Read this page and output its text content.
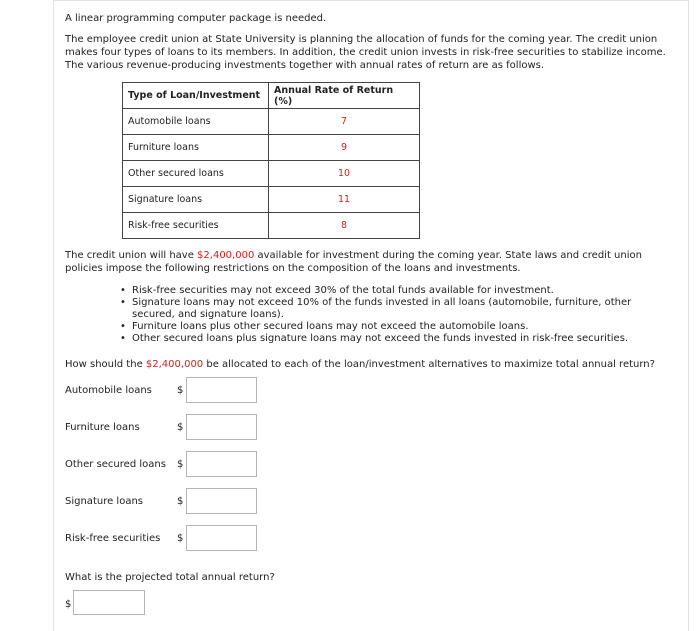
A linear programming computer package is needed.

The employee credit union at State University is planning the allocation of funds for the coming year. The credit union makes four types of loans to its members. In addition, the credit union invests in risk-free securities to stabilize income. The various revenue-producing investments together with annual rates of return are as follows.

Type of Loan/Investment	Annual Rate of Return (%)
Automobile loans	7
Furniture loans	9
Other secured loans	10
Signature loans	11
Risk-free securities	8

The credit union will have $2,400,000 available for investment during the coming year. State laws and credit union policies impose the following restrictions on the composition of the loans and investments.

• Risk-free securities may not exceed 30% of the total funds available for investment.
• Signature loans may not exceed 10% of the funds invested in all loans (automobile, furniture, other secured, and signature loans).
• Furniture loans plus other secured loans may not exceed the automobile loans.
• Other secured loans plus signature loans may not exceed the funds invested in risk-free securities.

How should the $2,400,000 be allocated to each of the loan/investment alternatives to maximize total annual return?

Automobile loans	$
Furniture loans	$
Other secured loans $
Signature loans	$
Risk-free securities $

What is the projected total annual return?

$
